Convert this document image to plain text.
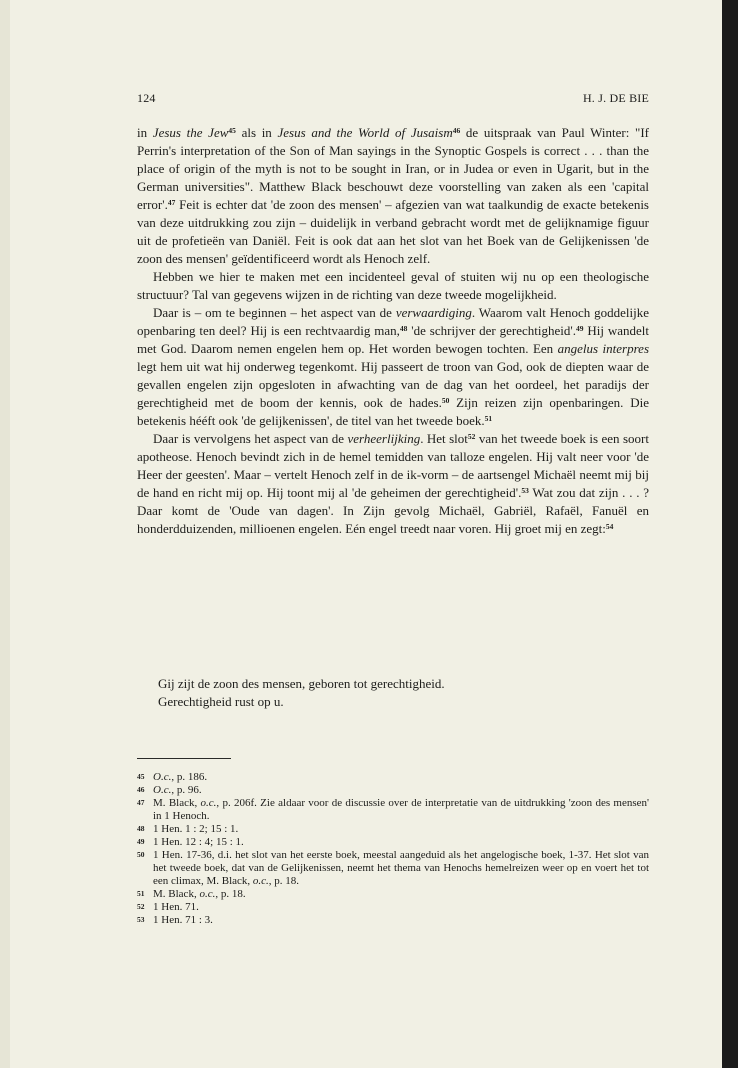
124	H. J. DE BIE

in Jesus the Jew$^{45}$ als in Jesus and the World of Jusaism$^{46}$ de uitspraak van Paul Winter: "If Perrin's interpretation of the Son of Man sayings in the Synoptic Gospels is correct . . . than the place of origin of the myth is not to be sought in Iran, or in Judea or even in Ugarit, but in the German universities". Matthew Black beschouwt deze voorstelling van zaken als een 'capital error'.$^{47}$ Feit is echter dat 'de zoon des mensen' – afgezien van wat taalkundig de exacte betekenis van deze uitdrukking zou zijn – duidelijk in verband gebracht wordt met de gelijknamige figuur uit de profetieën van Daniël. Feit is ook dat aan het slot van het Boek van de Gelijkenissen 'de zoon des mensen' geïdentificeerd wordt als Henoch zelf.

Hebben we hier te maken met een incidenteel geval of stuiten wij nu op een theologische structuur? Tal van gegevens wijzen in de richting van deze tweede mogelijkheid.

Daar is – om te beginnen – het aspect van de verwaardiging. Waarom valt Henoch goddelijke openbaring ten deel? Hij is een rechtvaardig man,$^{48}$ 'de schrijver der gerechtigheid'.$^{49}$ Hij wandelt met God. Daarom nemen engelen hem op. Het worden bewogen tochten. Een angelus interpres legt hem uit wat hij onderweg tegenkomt. Hij passeert de troon van God, ook de diepten waar de gevallen engelen zijn opgesloten in afwachting van de dag van het oordeel, het paradijs der gerechtigheid met de boom der kennis, ook de hades.$^{50}$ Zijn reizen zijn openbaringen. Die betekenis hééft ook 'de gelijkenissen', de titel van het tweede boek.$^{51}$

Daar is vervolgens het aspect van de verheerlijking. Het slot$^{52}$ van het tweede boek is een soort apotheose. Henoch bevindt zich in de hemel temidden van talloze engelen. Hij valt neer voor 'de Heer der geesten'. Maar – vertelt Henoch zelf in de ik-vorm – de aartsengel Michaël neemt mij bij de hand en richt mij op. Hij toont mij al 'de geheimen der gerechtigheid'.$^{53}$ Wat zou dat zijn . . . ? Daar komt de 'Oude van dagen'. In Zijn gevolg Michaël, Gabriël, Rafaël, Fanuël en honderdduizenden, millioenen engelen. Eén engel treedt naar voren. Hij groet mij en zegt:$^{54}$

Gij zijt de zoon des mensen, geboren tot gerechtigheid.

Gerechtigheid rust op u.

45 O.c., p. 186.
46 O.c., p. 96.
47 M. Black, o.c., p. 206f. Zie aldaar voor de discussie over de interpretatie van de uitdrukking 'zoon des mensen' in 1 Henoch.
48 1 Hen. 1 : 2; 15 : 1.
49 1 Hen. 12 : 4; 15 : 1.
50 1 Hen. 17-36, d.i. het slot van het eerste boek, meestal aangeduid als het angelogische boek, 1-37. Het slot van het tweede boek, dat van de Gelijkenissen, neemt het thema van Henochs hemelreizen weer op en voert het tot een climax, M. Black, o.c., p. 18.
51 M. Black, o.c., p. 18.
52 1 Hen. 71.
53 1 Hen. 71 : 3.
